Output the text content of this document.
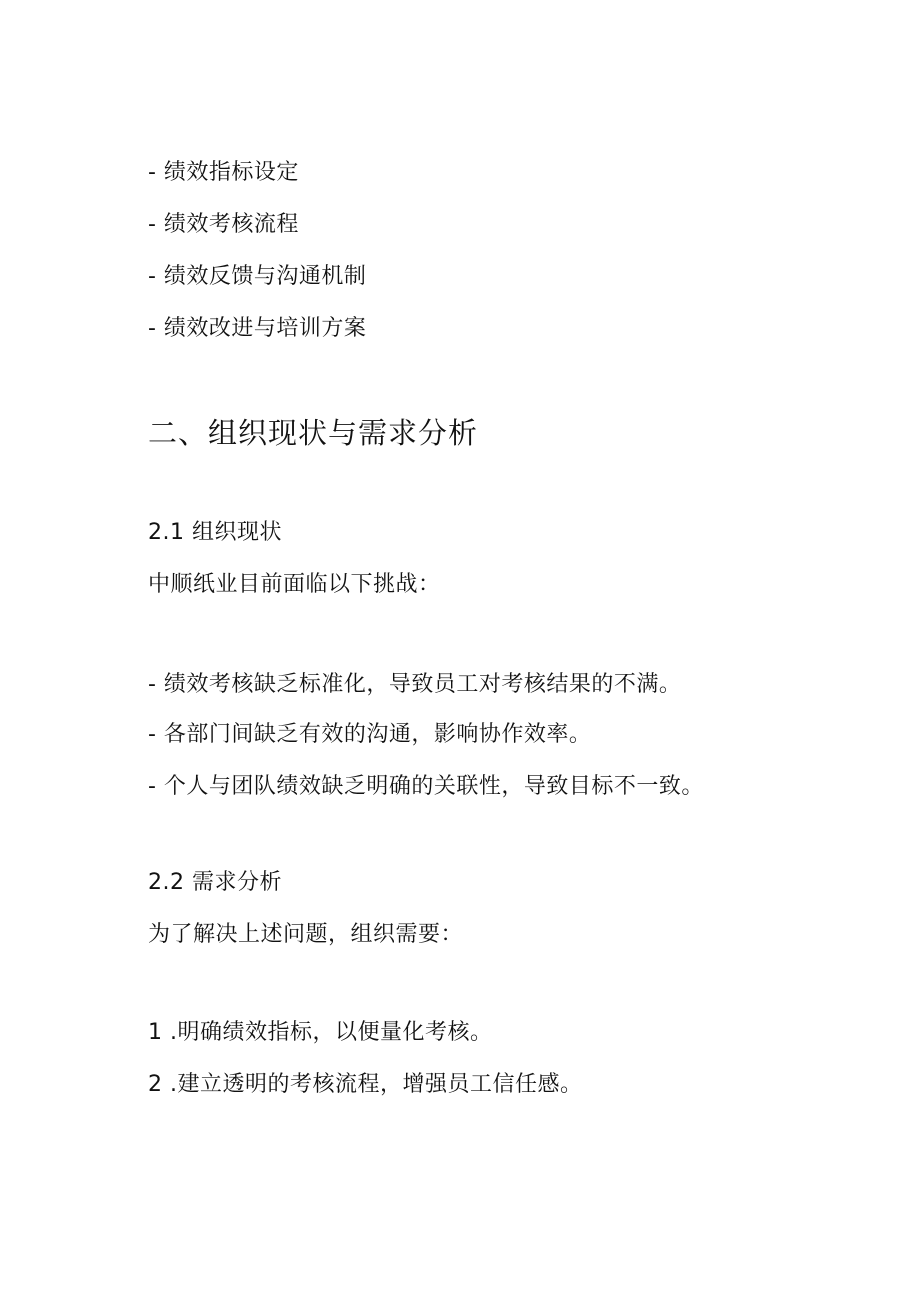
- 绩效指标设定
- 绩效考核流程
- 绩效反馈与沟通机制
- 绩效改进与培训方案
二、组织现状与需求分析
2.1 组织现状
中顺纸业目前面临以下挑战：
- 绩效考核缺乏标准化，导致员工对考核结果的不满。
- 各部门间缺乏有效的沟通，影响协作效率。
- 个人与团队绩效缺乏明确的关联性，导致目标不一致。
2.2 需求分析
为了解决上述问题，组织需要：
1 .明确绩效指标，以便量化考核。
2 .建立透明的考核流程，增强员工信任感。
